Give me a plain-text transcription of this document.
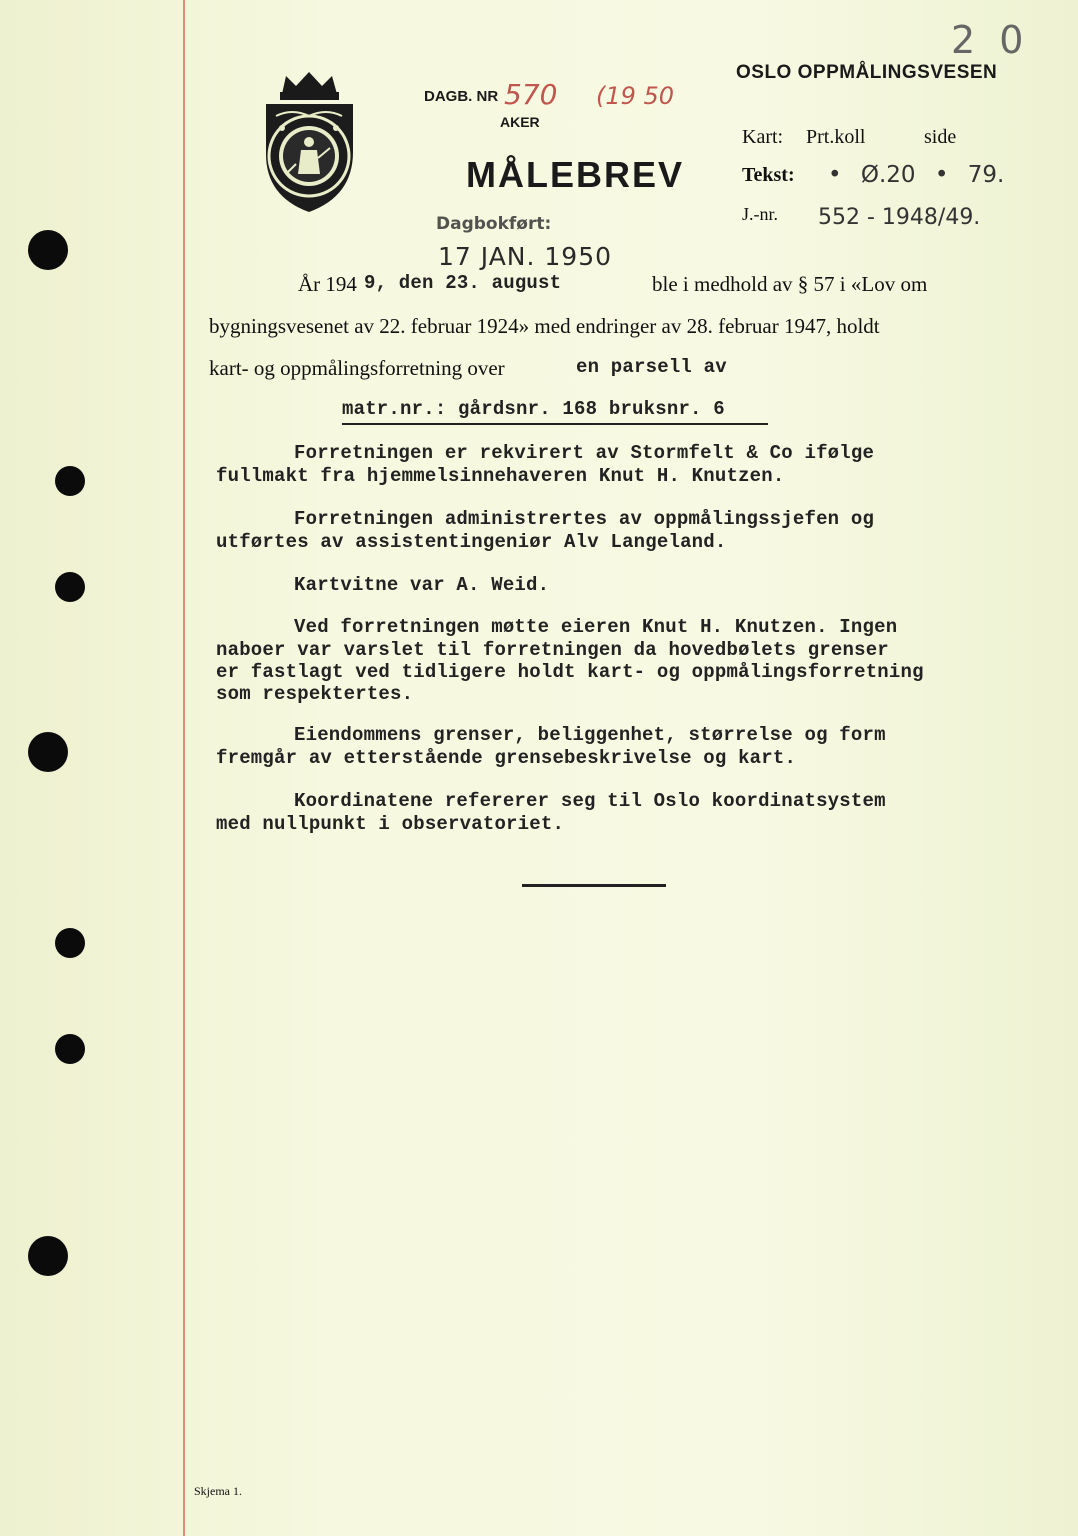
2 0
OSLO OPPMÅLINGSVESEN
DAGB. NR 570 (19 50
AKER
MÅLEBREV
Kart: Prt.koll	side
Tekst: • Ø.20 • 79.
J.-nr. 552 - 1948/49.
Dagbokført:
17 JAN. 1950
År 194 9, den 23. august	ble i medhold av § 57 i «Lov om
bygningsvesenet av 22. februar 1924» med endringer av 28. februar 1947, holdt
kart- og oppmålingsforretning over	en parsell av
matr.nr.: gårdsnr. 168 bruksnr. 6
Forretningen er rekvirert av Stormfelt & Co ifølge
fullmakt fra hjemmelsinnehaveren Knut H. Knutzen.
Forretningen administrertes av oppmålingssjefen og
utførtes av assistentingeniør Alv Langeland.
Kartvitne var A. Weid.
Ved forretningen møtte eieren Knut H. Knutzen. Ingen
naboer var varslet til forretningen da hovedbølets grenser
er fastlagt ved tidligere holdt kart- og oppmålingsforretning
som respektertes.
Eiendommens grenser, beliggenhet, størrelse og form
fremgår av etterstående grensebeskrivelse og kart.
Koordinatene refererer seg til Oslo koordinatsystem
med nullpunkt i observatoriet.
Skjema 1.
